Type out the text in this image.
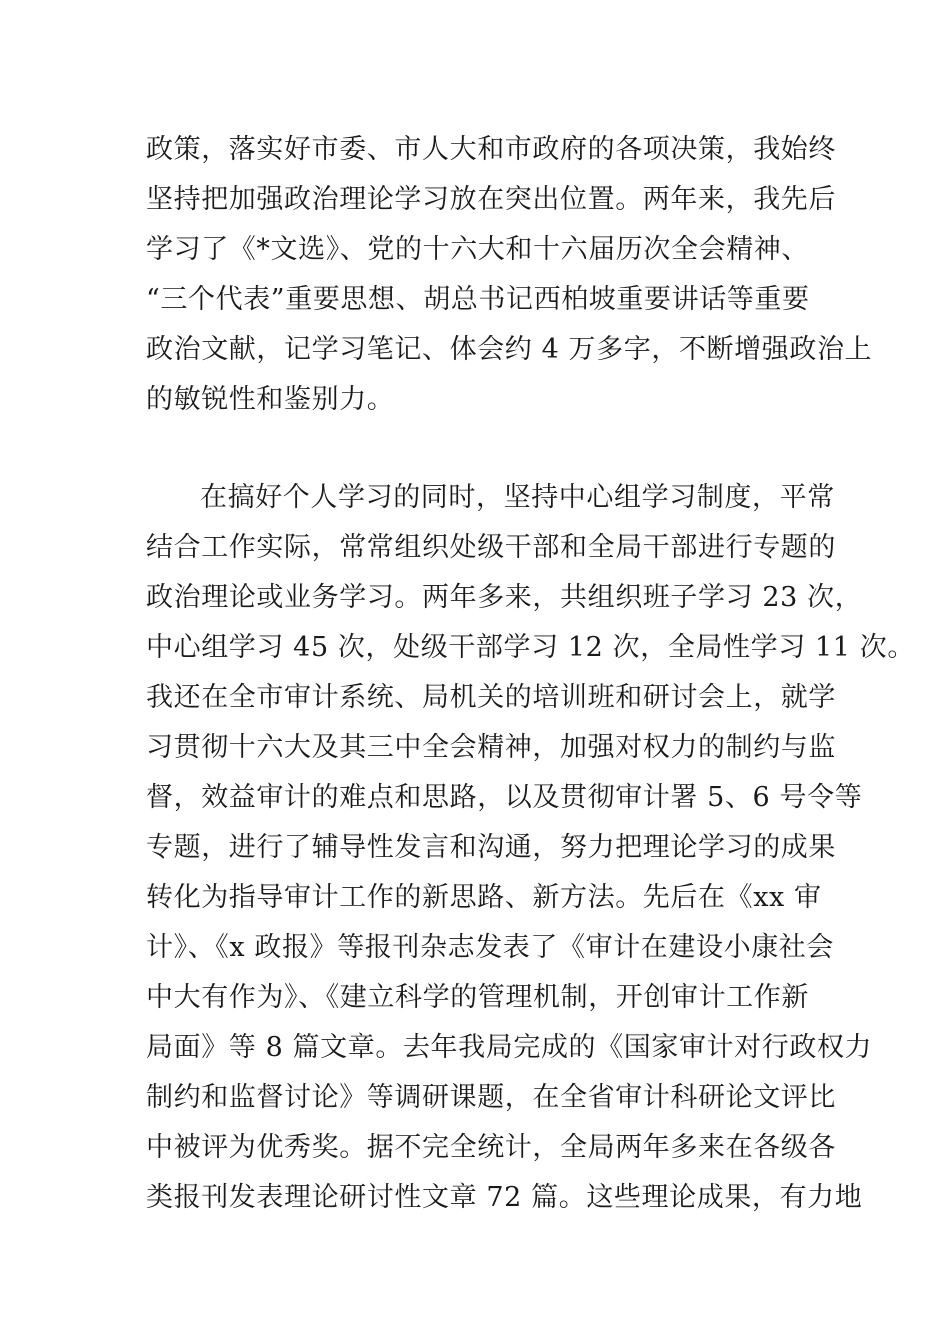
政策，落实好市委、市人大和市政府的各项决策，我始终
坚持把加强政治理论学习放在突出位置。两年来，我先后
学习了《*文选》、党的十六大和十六届历次全会精神、
“三个代表”重要思想、胡总书记西柏坡重要讲话等重要
政治文献，记学习笔记、体会约 4 万多字，不断增强政治上
的敏锐性和鉴别力。
在搞好个人学习的同时，坚持中心组学习制度，平常
结合工作实际，常常组织处级干部和全局干部进行专题的
政治理论或业务学习。两年多来，共组织班子学习 23 次，
中心组学习 45 次，处级干部学习 12 次，全局性学习 11 次。
我还在全市审计系统、局机关的培训班和研讨会上，就学
习贯彻十六大及其三中全会精神，加强对权力的制约与监
督，效益审计的难点和思路，以及贯彻审计署 5、6 号令等
专题，进行了辅导性发言和沟通，努力把理论学习的成果
转化为指导审计工作的新思路、新方法。先后在《xx 审
计》、《x 政报》等报刊杂志发表了《审计在建设小康社会
中大有作为》、《建立科学的管理机制，开创审计工作新
局面》等 8 篇文章。去年我局完成的《国家审计对行政权力
制约和监督讨论》等调研课题，在全省审计科研论文评比
中被评为优秀奖。据不完全统计，全局两年多来在各级各
类报刊发表理论研讨性文章 72 篇。这些理论成果，有力地
